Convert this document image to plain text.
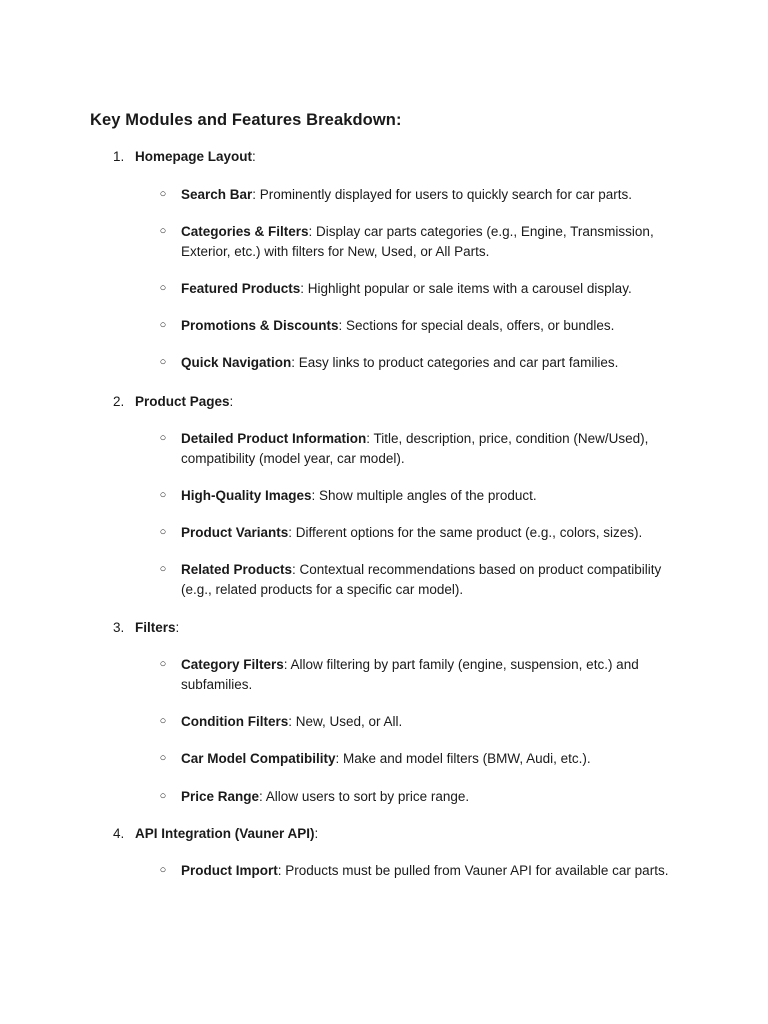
Key Modules and Features Breakdown:
1. Homepage Layout:
○ Search Bar: Prominently displayed for users to quickly search for car parts.
○ Categories & Filters: Display car parts categories (e.g., Engine, Transmission, Exterior, etc.) with filters for New, Used, or All Parts.
○ Featured Products: Highlight popular or sale items with a carousel display.
○ Promotions & Discounts: Sections for special deals, offers, or bundles.
○ Quick Navigation: Easy links to product categories and car part families.
2. Product Pages:
○ Detailed Product Information: Title, description, price, condition (New/Used), compatibility (model year, car model).
○ High-Quality Images: Show multiple angles of the product.
○ Product Variants: Different options for the same product (e.g., colors, sizes).
○ Related Products: Contextual recommendations based on product compatibility (e.g., related products for a specific car model).
3. Filters:
○ Category Filters: Allow filtering by part family (engine, suspension, etc.) and subfamilies.
○ Condition Filters: New, Used, or All.
○ Car Model Compatibility: Make and model filters (BMW, Audi, etc.).
○ Price Range: Allow users to sort by price range.
4. API Integration (Vauner API):
○ Product Import: Products must be pulled from Vauner API for available car parts.
